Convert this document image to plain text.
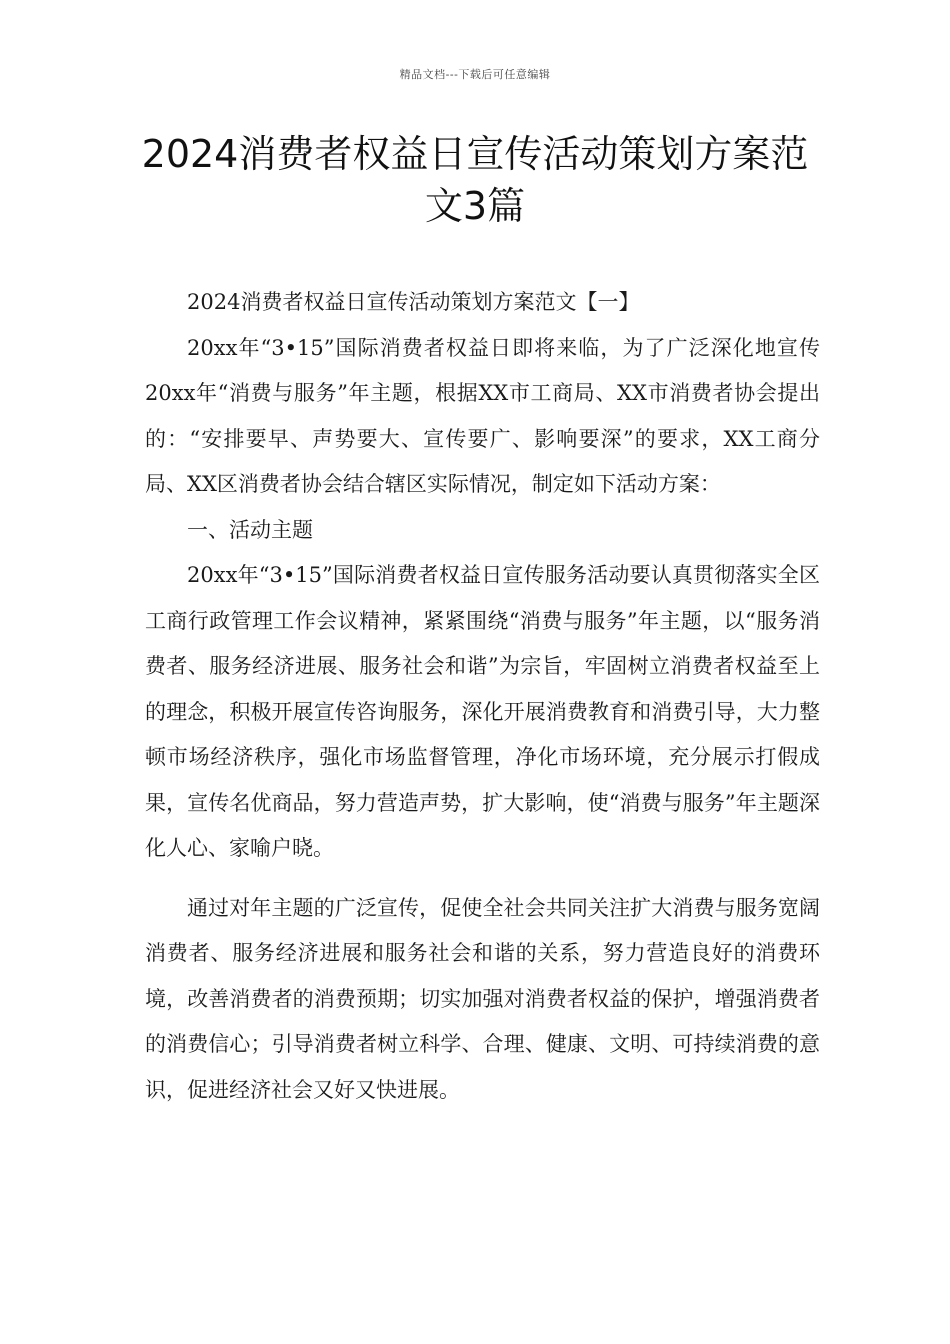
精品文档---下载后可任意编辑
2024消费者权益日宣传活动策划方案范文3篇

2024消费者权益日宣传活动策划方案范文【一】

20xx年“3•15”国际消费者权益日即将来临，为了广泛深化地宣传20xx年“消费与服务”年主题，根据XX市工商局、XX市消费者协会提出的：“安排要早、声势要大、宣传要广、影响要深”的要求，XX工商分局、XX区消费者协会结合辖区实际情况，制定如下活动方案：

一、活动主题

20xx年“3•15”国际消费者权益日宣传服务活动要认真贯彻落实全区工商行政管理工作会议精神，紧紧围绕“消费与服务”年主题，以“服务消费者、服务经济进展、服务社会和谐”为宗旨，牢固树立消费者权益至上的理念，积极开展宣传咨询服务，深化开展消费教育和消费引导，大力整顿市场经济秩序，强化市场监督管理，净化市场环境，充分展示打假成果，宣传名优商品，努力营造声势，扩大影响，使“消费与服务”年主题深化人心、家喻户晓。

通过对年主题的广泛宣传，促使全社会共同关注扩大消费与服务宽阔消费者、服务经济进展和服务社会和谐的关系，努力营造良好的消费环境，改善消费者的消费预期；切实加强对消费者权益的保护，增强消费者的消费信心；引导消费者树立科学、合理、健康、文明、可持续消费的意识，促进经济社会又好又快进展。
